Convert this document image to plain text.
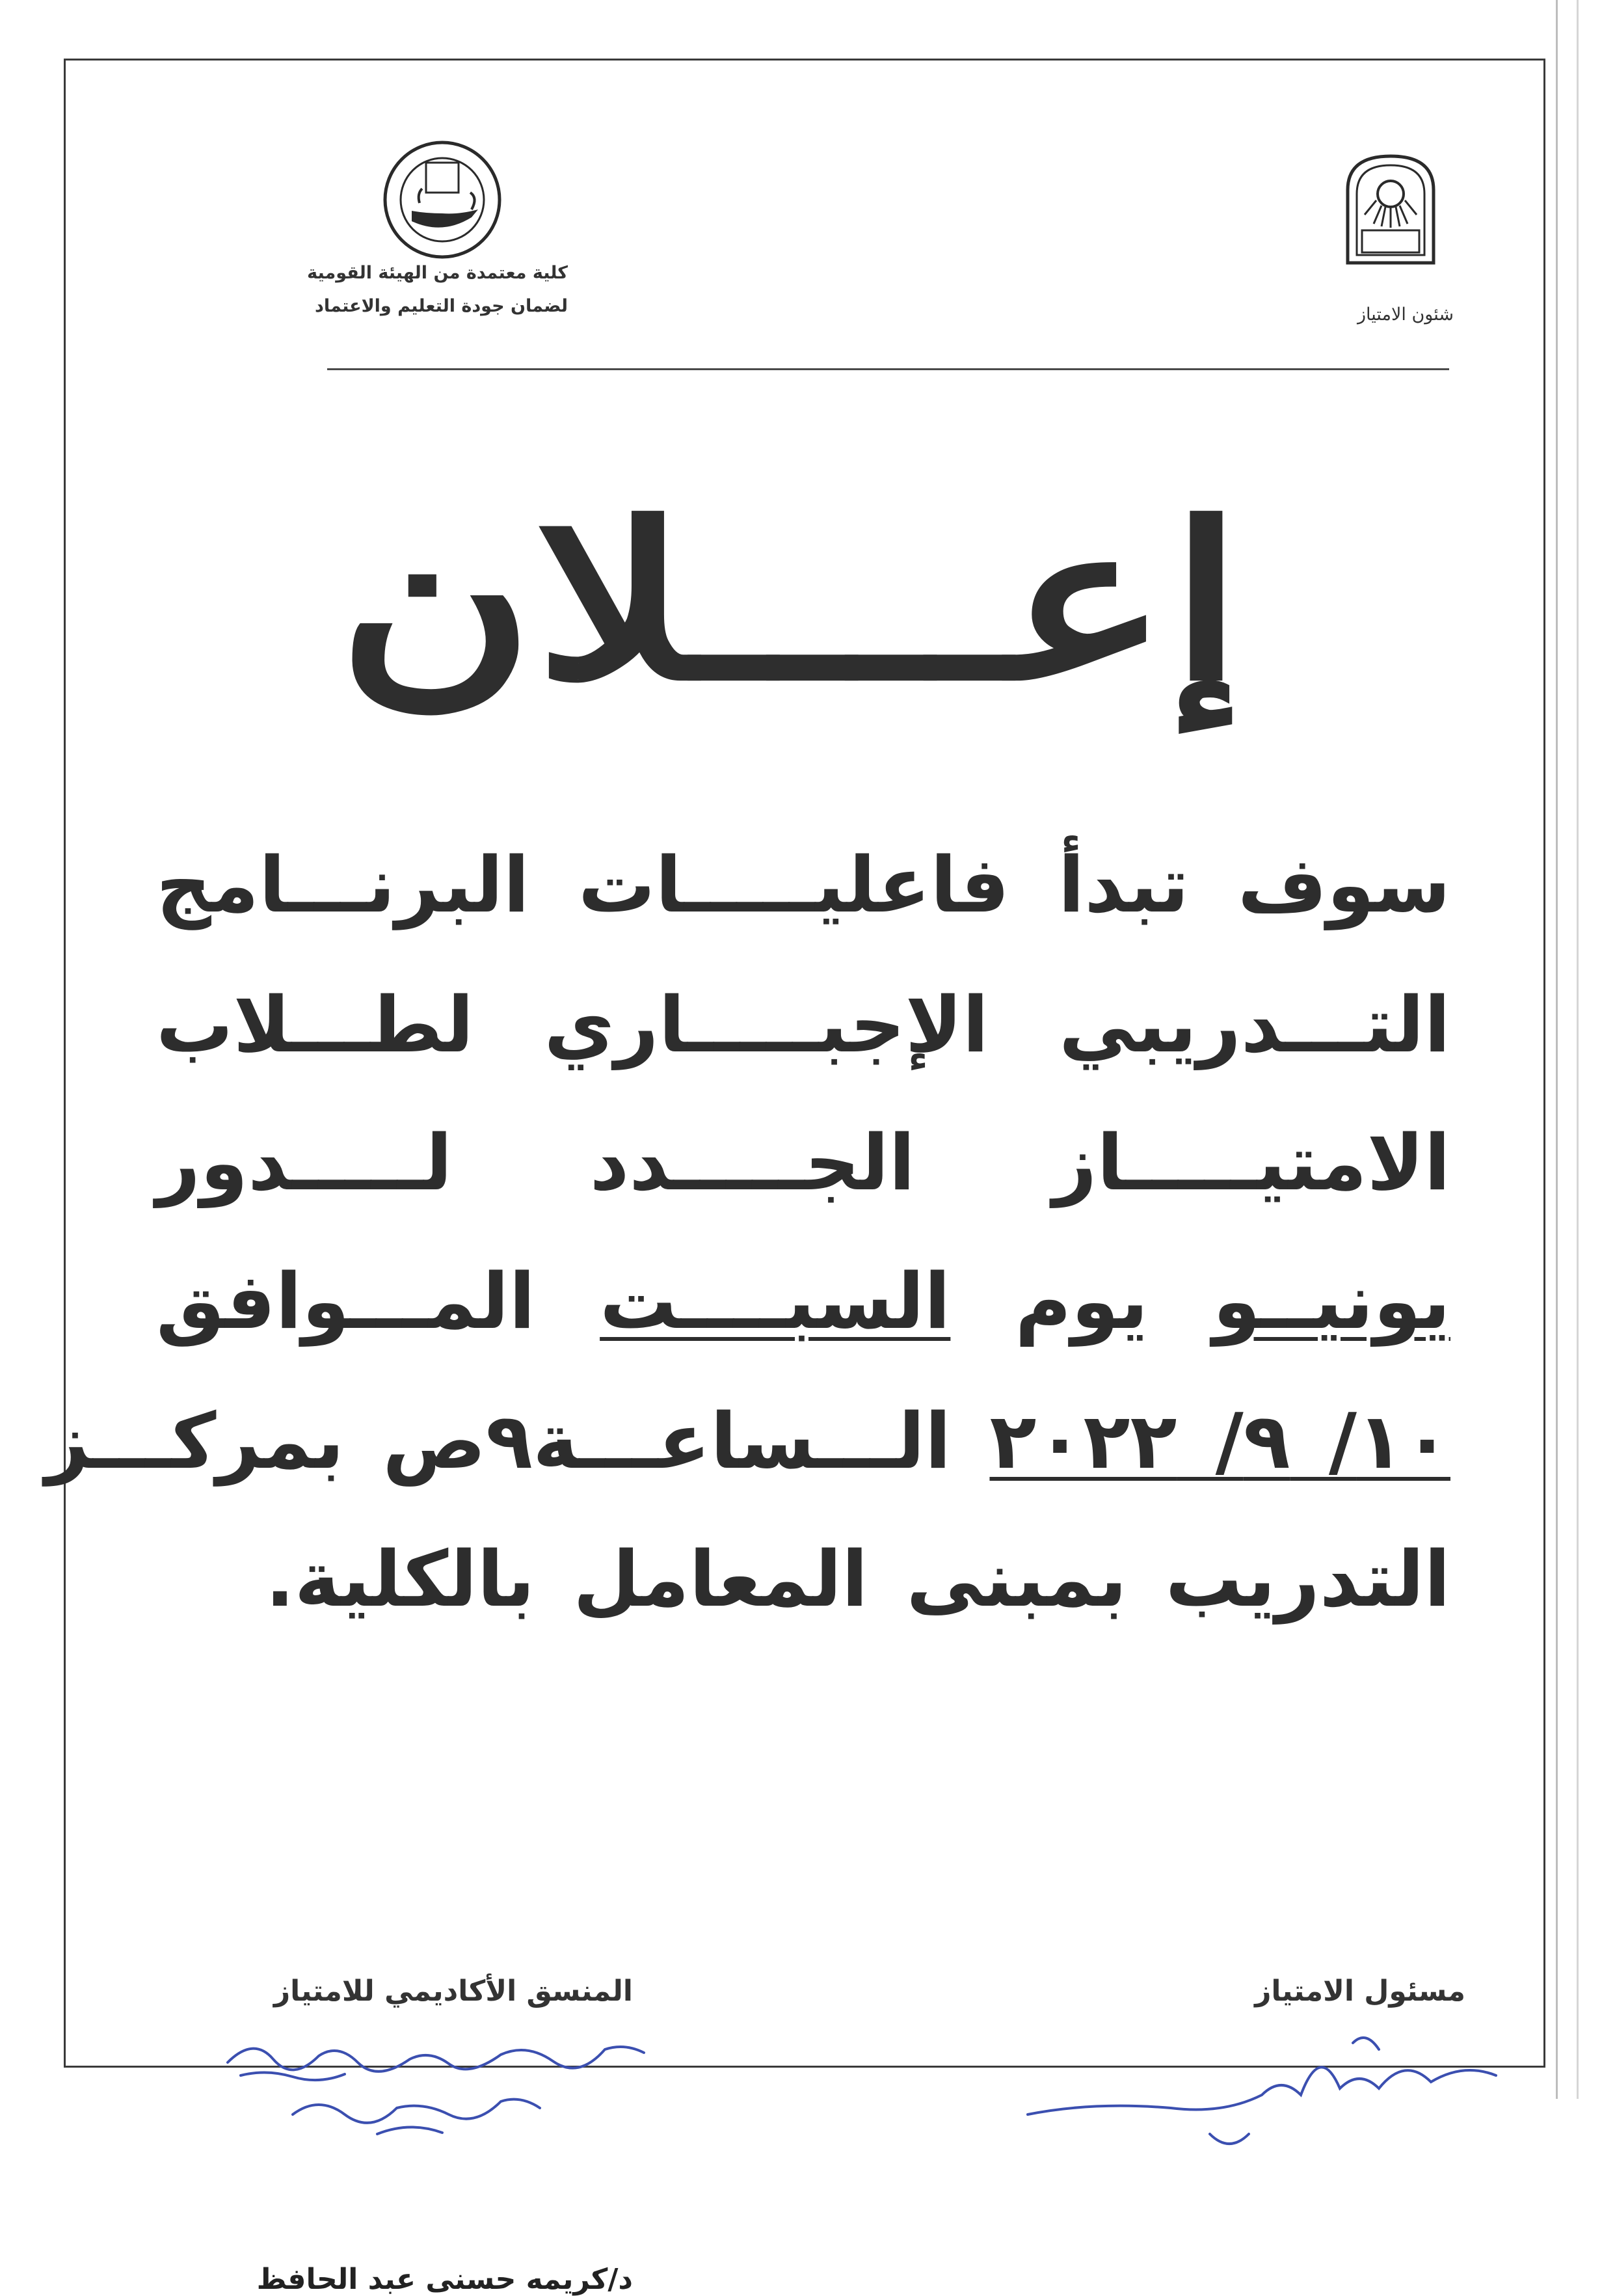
شئون الامتياز
كلية معتمدة من الهيئة القومية
لضمان جودة التعليم والاعتماد
إعــــلان
سوف تبدأ فاعليـــــات البرنـــامج
التـــدريبي الإجبـــــاري لطـــلاب
الامتيـــــاز الجـــــدد لـــــدور
يونيــو يوم السبــــت المـــوافق
١٠/ ٩/ ٢٠٢٢ الـــساعـــة٩ص بمركـــز
التدريب بمبنى المعامل بالكلية.
المنسق الأكاديمي للامتياز	مسئول الامتياز
د/كريمه حسنى عبد الحافظ
